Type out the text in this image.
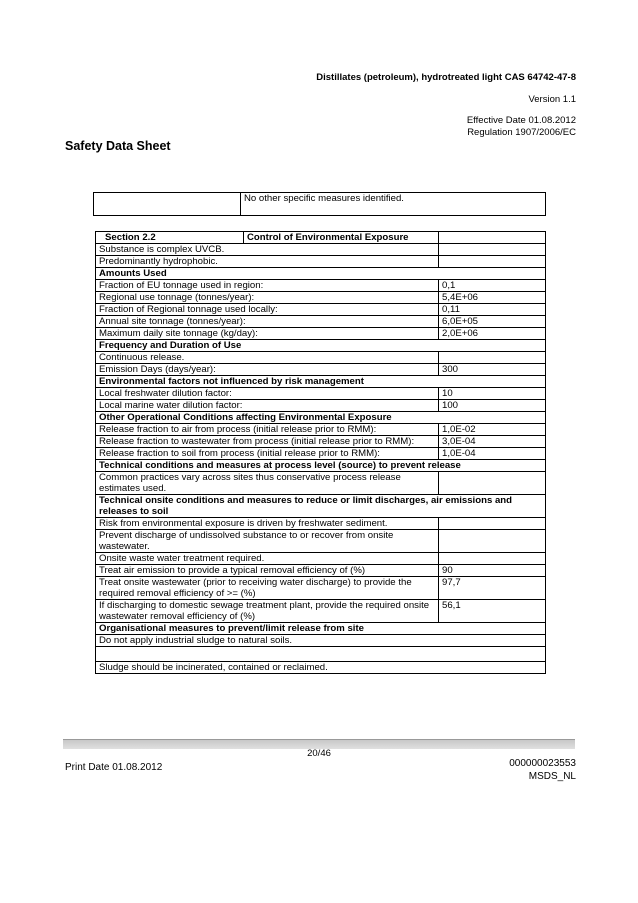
Distillates (petroleum), hydrotreated light CAS 64742-47-8
Version 1.1
Effective Date 01.08.2012
Regulation 1907/2006/EC
Safety Data Sheet
	No other specific measures identified.
Section 2.2	Control of Environmental Exposure	
Substance is complex UVCB.		
Predominantly hydrophobic.		
Amounts Used		
Fraction of EU tonnage used in region:		0,1
Regional use tonnage (tonnes/year):		5,4E+06
Fraction of Regional tonnage used locally:		0,11
Annual site tonnage (tonnes/year):		6,0E+05
Maximum daily site tonnage (kg/day):		2,0E+06
Frequency and Duration of Use		
Continuous release.		
Emission Days (days/year):		300
Environmental factors not influenced by risk management		
Local freshwater dilution factor:		10
Local marine water dilution factor:		100
Other Operational Conditions affecting Environmental Exposure		
Release fraction to air from process (initial release prior to RMM):		1,0E-02
Release fraction to wastewater from process (initial release prior to RMM):		3,0E-04
Release fraction to soil from process (initial release prior to RMM):		1,0E-04
Technical conditions and measures at process level (source) to prevent release		
Common practices vary across sites thus conservative process release estimates used.		
Technical onsite conditions and measures to reduce or limit discharges, air emissions and releases to soil		
Risk from environmental exposure is driven by freshwater sediment.		
Prevent discharge of undissolved substance to or recover from onsite wastewater.		
Onsite waste water treatment required.		
Treat air emission to provide a typical removal efficiency of (%)		90
Treat onsite wastewater (prior to receiving water discharge) to provide the required removal efficiency of >= (%)		97,7
If discharging to domestic sewage treatment plant, provide the required onsite wastewater removal efficiency of (%)		56,1
Organisational measures to prevent/limit release from site		
Do not apply industrial sludge to natural soils.		

Sludge should be incinerated, contained or reclaimed.		
20/46
Print Date 01.08.2012	000000023553
MSDS_NL
